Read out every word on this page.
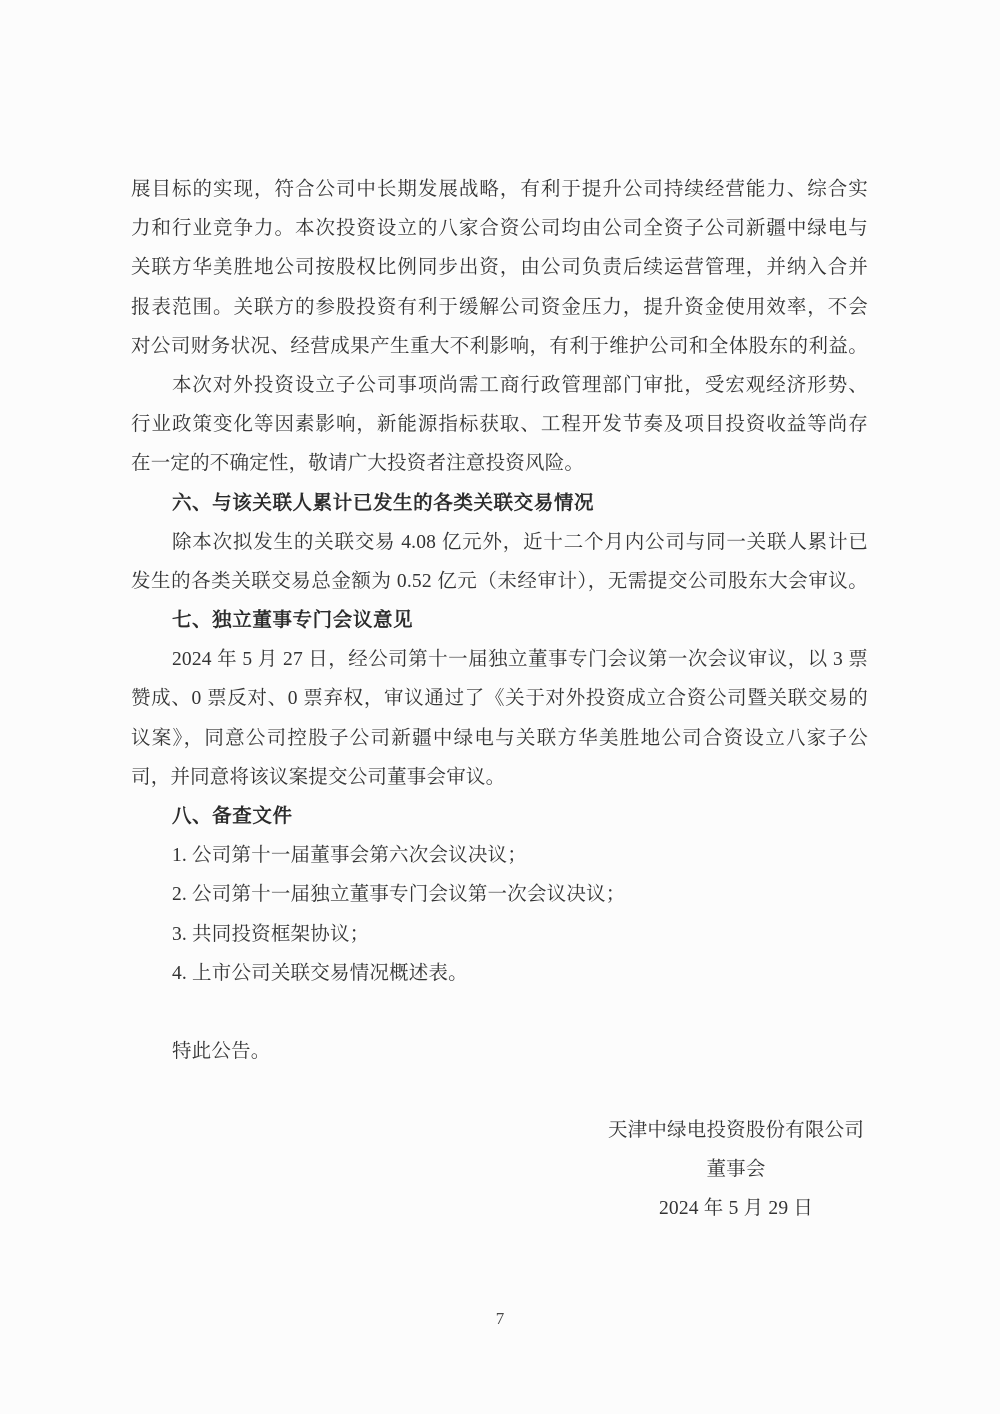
展目标的实现，符合公司中长期发展战略，有利于提升公司持续经营能力、综合实

力和行业竞争力。本次投资设立的八家合资公司均由公司全资子公司新疆中绿电与

关联方华美胜地公司按股权比例同步出资，由公司负责后续运营管理，并纳入合并

报表范围。关联方的参股投资有利于缓解公司资金压力，提升资金使用效率，不会

对公司财务状况、经营成果产生重大不利影响，有利于维护公司和全体股东的利益。

本次对外投资设立子公司事项尚需工商行政管理部门审批，受宏观经济形势、

行业政策变化等因素影响，新能源指标获取、工程开发节奏及项目投资收益等尚存

在一定的不确定性，敬请广大投资者注意投资风险。

六、与该关联人累计已发生的各类关联交易情况

除本次拟发生的关联交易 4.08 亿元外，近十二个月内公司与同一关联人累计已

发生的各类关联交易总金额为 0.52 亿元（未经审计），无需提交公司股东大会审议。

七、独立董事专门会议意见

2024 年 5 月 27 日，经公司第十一届独立董事专门会议第一次会议审议，以 3 票

赞成、0 票反对、0 票弃权，审议通过了《关于对外投资成立合资公司暨关联交易的

议案》，同意公司控股子公司新疆中绿电与关联方华美胜地公司合资设立八家子公

司，并同意将该议案提交公司董事会审议。

八、备查文件

1. 公司第十一届董事会第六次会议决议；

2. 公司第十一届独立董事专门会议第一次会议决议；

3. 共同投资框架协议；

4. 上市公司关联交易情况概述表。

特此公告。

天津中绿电投资股份有限公司

董事会

2024 年 5 月 29 日

7
